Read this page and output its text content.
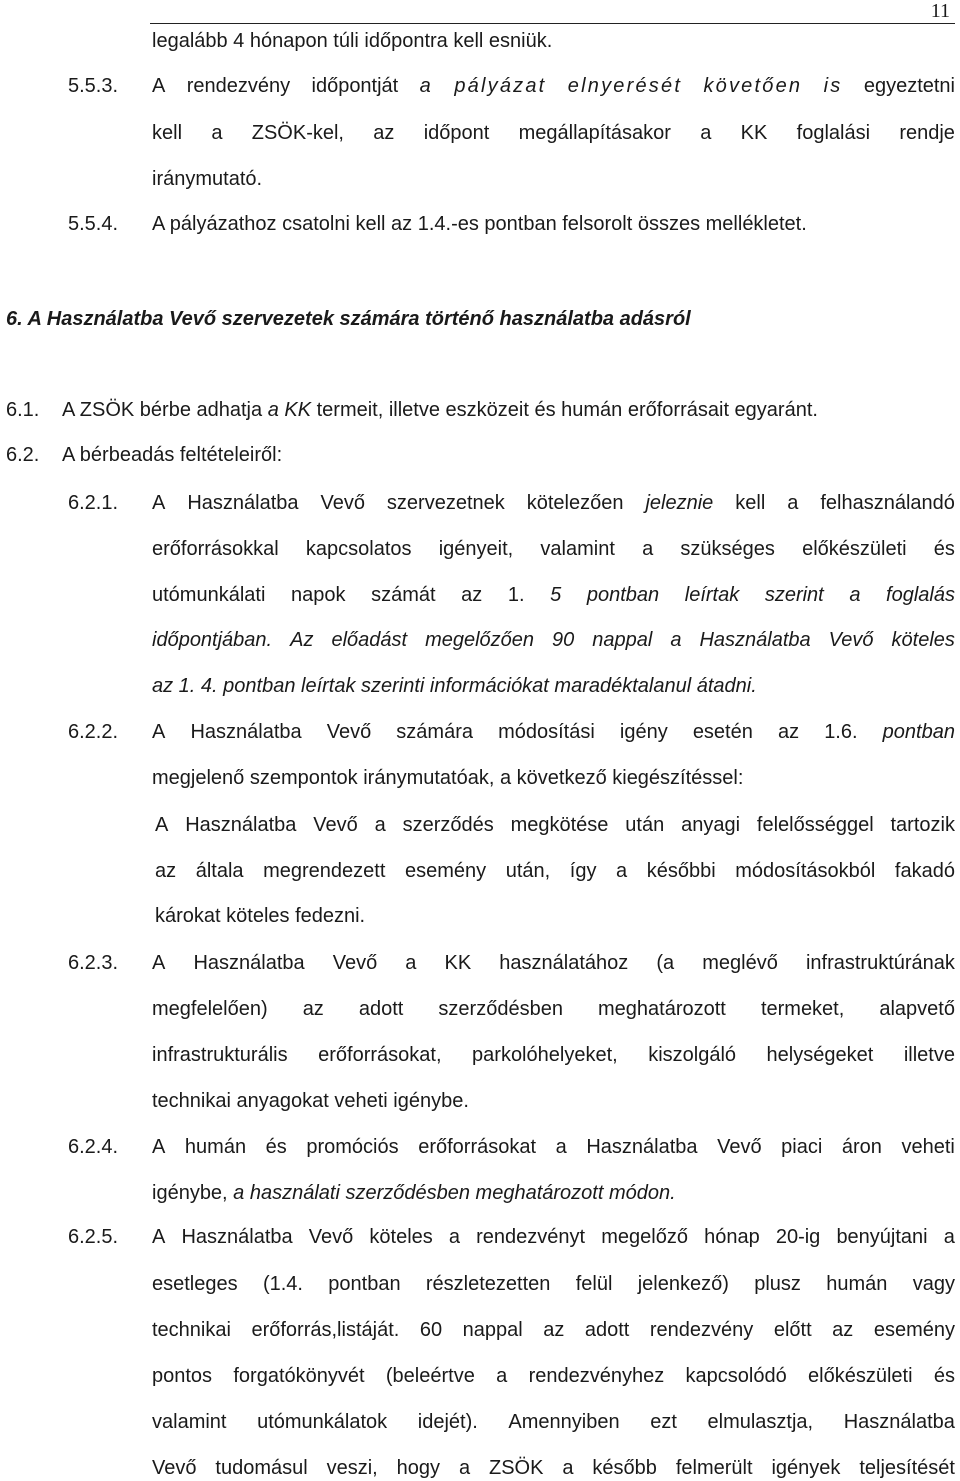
11
legalább 4 hónapon túli időpontra kell esniük.
5.5.3. A rendezvény időpontját a pályázat elnyerését követően is egyeztetni
kell a ZSÖK-kel, az időpont megállapításakor a KK foglalási rendje
iránymutató.
5.5.4. A pályázathoz csatolni kell az 1.4.-es pontban felsorolt összes mellékletet.
6. A Használatba Vevő szervezetek számára történő használatba adásról
6.1. A ZSÖK bérbe adhatja a KK termeit, illetve eszközeit és humán erőforrásait egyaránt.
6.2. A bérbeadás feltételeiről:
6.2.1. A Használatba Vevő szervezetnek kötelezően jeleznie kell a felhasználandó
erőforrásokkal kapcsolatos igényeit, valamint a szükséges előkészületi és
utómunkálati napok számát az 1. 5 pontban leírtak szerint a foglalás
időpontjában. Az előadást megelőzően 90 nappal a Használatba Vevő köteles
az 1. 4. pontban leírtak szerinti információkat maradéktalanul átadni.
6.2.2. A Használatba Vevő számára módosítási igény esetén az 1.6. pontban
megjelenő szempontok iránymutatóak, a következő kiegészítéssel:
A Használatba Vevő a szerződés megkötése után anyagi felelősséggel tartozik
az általa megrendezett esemény után, így a későbbi módosításokból fakadó
károkat köteles fedezni.
6.2.3. A Használatba Vevő a KK használatához (a meglévő infrastruktúrának
megfelelően) az adott szerződésben meghatározott termeket, alapvető
infrastrukturális erőforrásokat, parkolóhelyeket, kiszolgáló helységeket illetve
technikai anyagokat veheti igénybe.
6.2.4. A humán és promóciós erőforrásokat a Használatba Vevő piaci áron veheti
igénybe, a használati szerződésben meghatározott módon.
6.2.5. A Használatba Vevő köteles a rendezvényt megelőző hónap 20-ig benyújtani a
esetleges (1.4. pontban részletezetten felül jelenkező) plusz humán vagy
technikai erőforrás,listáját. 60 nappal az adott rendezvény előtt az esemény
pontos forgatókönyvét (beleértve a rendezvényhez kapcsolódó előkészületi és
valamint utómunkálatok idejét). Amennyiben ezt elmulasztja, Használatba
Vevő tudomásul veszi, hogy a ZSÖK a később felmerült igények teljesítését
